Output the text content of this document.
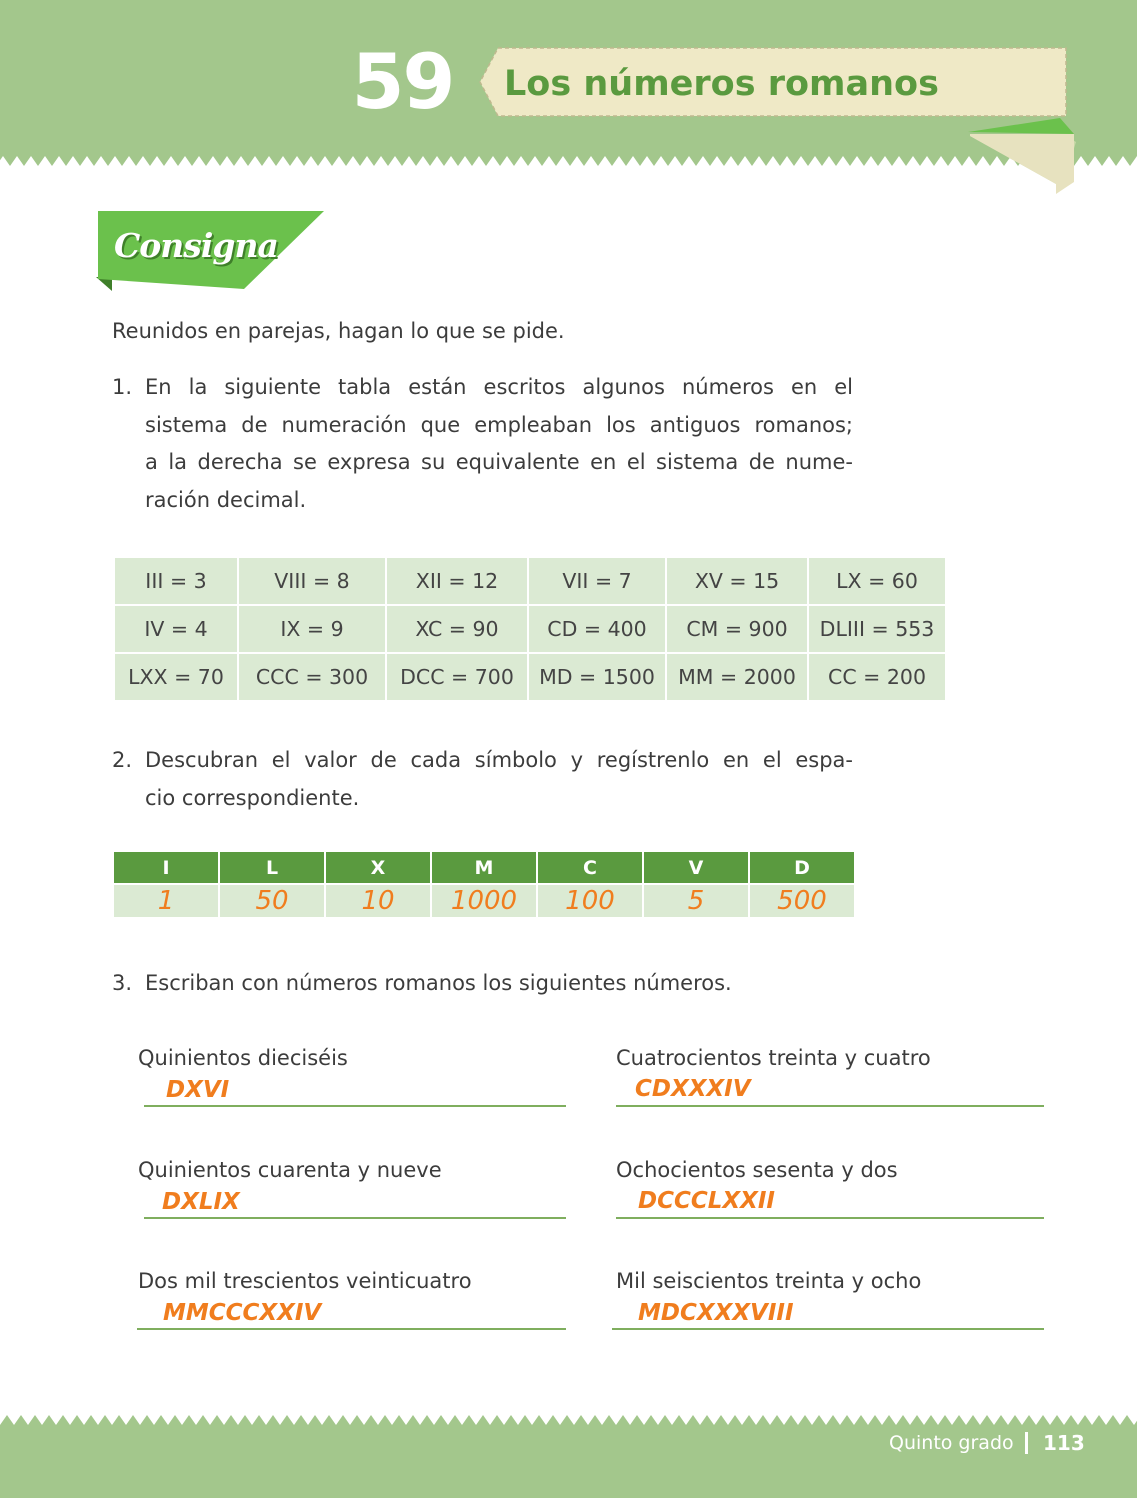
59 Los números romanos
Consigna
Reunidos en parejas, hagan lo que se pide.
1. En la siguiente tabla están escritos algunos números en el
sistema de numeración que empleaban los antiguos romanos;
a la derecha se expresa su equivalente en el sistema de nume-
ración decimal.
III = 3	VIII = 8	XII = 12	VII = 7	XV = 15	LX = 60
IV = 4	IX = 9	XC = 90	CD = 400	CM = 900	DLIII = 553
LXX = 70	CCC = 300	DCC = 700	MD = 1500	MM = 2000	CC = 200
2. Descubran el valor de cada símbolo y regístrenlo en el espa-
cio correspondiente.
I	L	X	M	C	V	D
1	50	10	1000	100	5	500
3. Escriban con números romanos los siguientes números.
Quinientos dieciséis
DXVI
Quinientos cuarenta y nueve
DXLIX
Dos mil trescientos veinticuatro
MMCCCXXIV
Cuatrocientos treinta y cuatro
CDXXXIV
Ochocientos sesenta y dos
DCCCLXXII
Mil seiscientos treinta y ocho
MDCXXXVIII
Quinto grado 113
